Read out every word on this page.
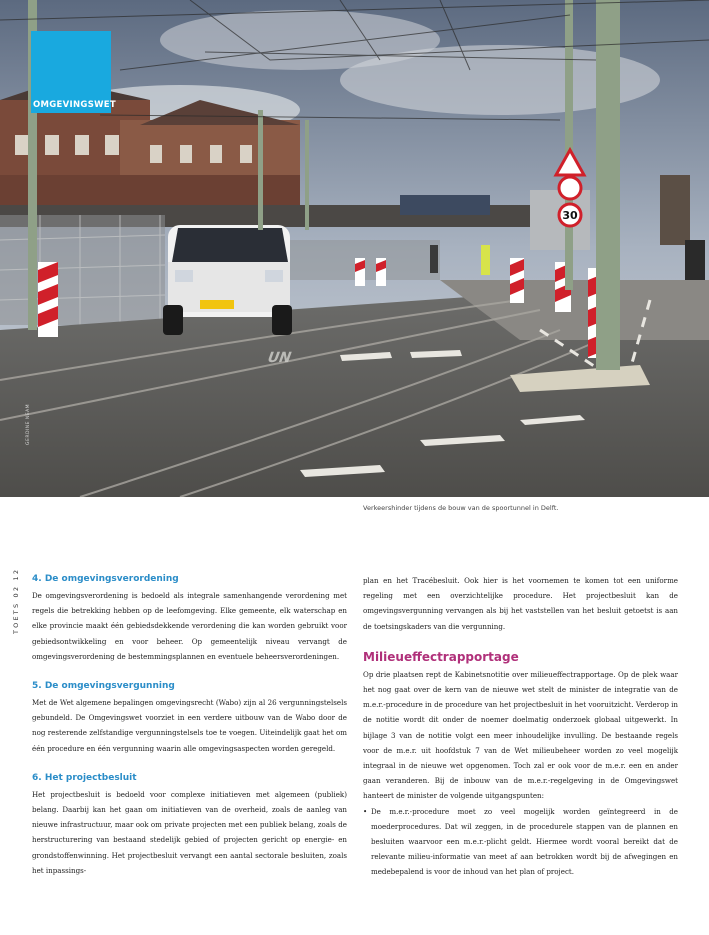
30
UN
OMGEVINGSWET
GERDINE NEAM
Verkeershinder tijdens de bouw van de spoortunnel in Delft.
TOETS 02 12 4. De omgevingsverordening

De omgevingsverordening is bedoeld als integrale samenhangende verordening met regels die betrekking hebben op de leefomgeving. Elke gemeente, elk waterschap en elke provincie maakt één gebiedsdekkende verordening die kan worden gebruikt voor gebiedsontwikkeling en voor beheer. Op gemeentelijk niveau vervangt de omgevingsverordening de bestemmingsplannen en eventuele beheersverordeningen.

5. De omgevingsvergunning

Met de Wet algemene bepalingen omgevingsrecht (Wabo) zijn al 26 vergunningstelsels gebundeld. De Omgevingswet voorziet in een verdere uitbouw van de Wabo door de nog resterende zelfstandige vergunningstelsels toe te voegen. Uiteindelijk gaat het om één procedure en één vergunning waarin alle omgevingsaspecten worden geregeld.

6. Het projectbesluit

Het projectbesluit is bedoeld voor complexe initiatieven met algemeen (publiek) belang. Daarbij kan het gaan om initiatieven van de overheid, zoals de aanleg van nieuwe infrastructuur, maar ook om private projecten met een publiek belang, zoals de herstructurering van bestaand stedelijk gebied of projecten gericht op energie- en grondstoffenwinning. Het projectbesluit vervangt een aantal sectorale besluiten, zoals het inpassings-

plan en het Tracébesluit. Ook hier is het voornemen te komen tot een uniforme regeling met een overzichtelijke procedure. Het projectbesluit kan de omgevingsvergunning vervangen als bij het vaststellen van het besluit getoetst is aan de toetsingskaders van die vergunning.

Milieueffectrapportage

Op drie plaatsen rept de Kabinetsnotitie over milieueffectrapportage. Op de plek waar het nog gaat over de kern van de nieuwe wet stelt de minister de integratie van de m.e.r.-procedure in de procedure van het projectbesluit in het vooruitzicht. Verderop in de notitie wordt dit onder de noemer doelmatig onderzoek globaal uitgewerkt. In bijlage 3 van de notitie volgt een meer inhoudelijke invulling. De bestaande regels voor de m.e.r. uit hoofdstuk 7 van de Wet milieubeheer worden zo veel mogelijk integraal in de nieuwe wet opgenomen. Toch zal er ook voor de m.e.r. een en ander gaan veranderen. Bij de inbouw van de m.e.r.-regelgeving in de Omgevingswet hanteert de minister de volgende uitgangspunten:

• De m.e.r.-procedure moet zo veel mogelijk worden geïntegreerd in de moederprocedures. Dat wil zeggen, in de procedurele stappen van de plannen en besluiten waarvoor een m.e.r.-plicht geldt. Hiermee wordt vooral bereikt dat de relevante milieu-informatie van meet af aan betrokken wordt bij de afwegingen en medebepalend is voor de inhoud van het plan of project.
